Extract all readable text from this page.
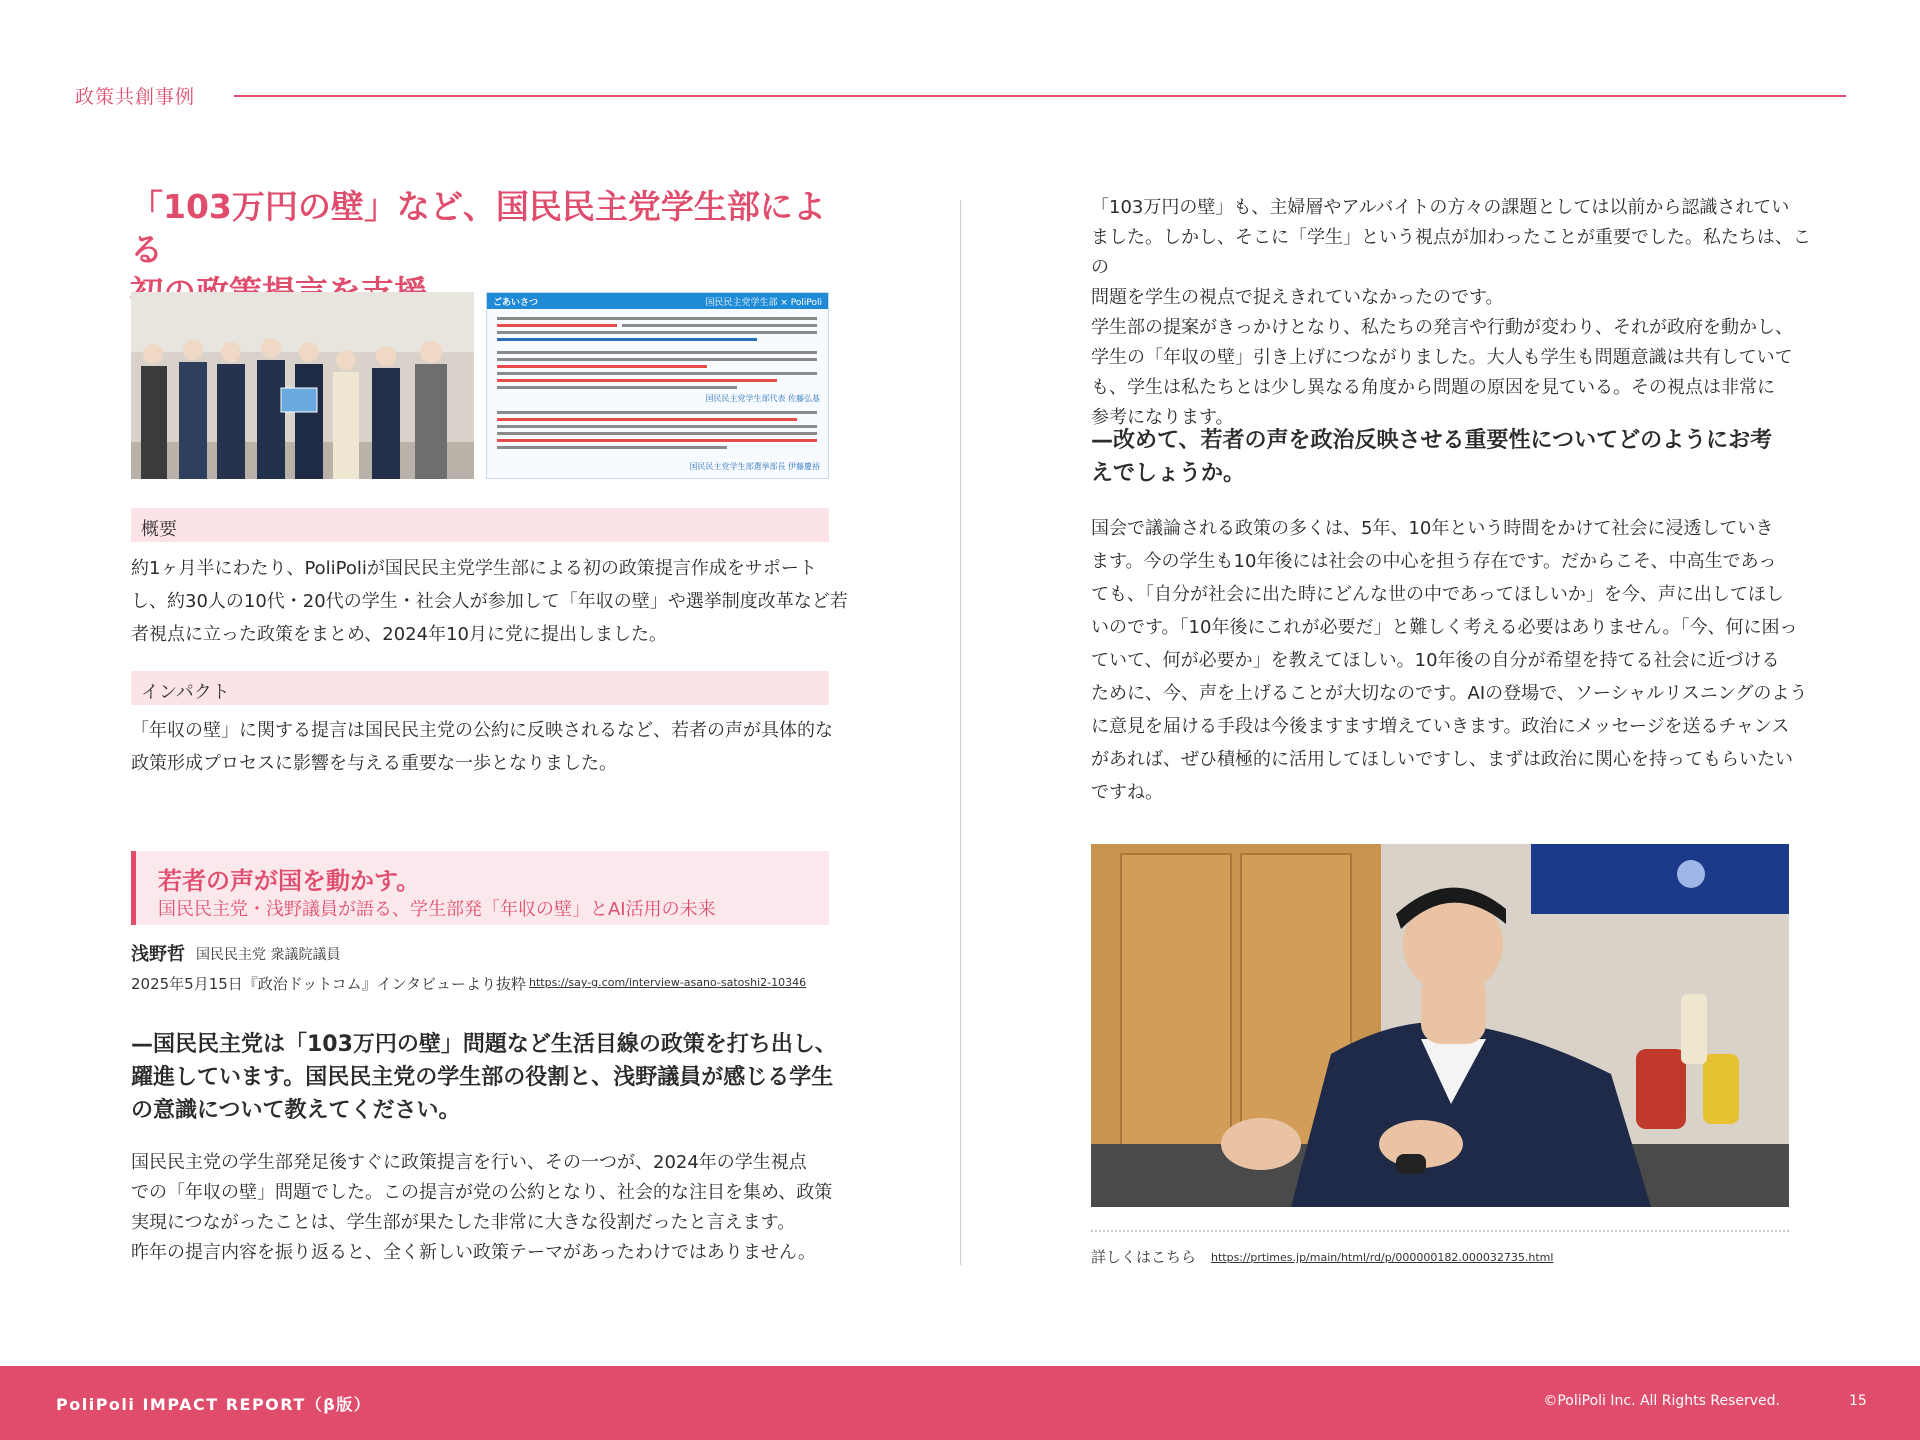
政策共創事例
「103万円の壁」など、国民民主党学生部による
ごあいさつ	国民民主党学生部 × PoliPoli
国民民主党学生部代表 佐藤弘基
国民民主党学生部選挙部長 伊藤慶裕
概要
約1ヶ月半にわたり、PoliPoliが国民民主党学生部による初の政策提言作成をサポート
し、約30人の10代・20代の学生・社会人が参加して「年収の壁」や選挙制度改革など若
者視点に立った政策をまとめ、2024年10月に党に提出しました。
インパクト
「年収の壁」に関する提言は国民民主党の公約に反映されるなど、若者の声が具体的な
政策形成プロセスに影響を与える重要な一歩となりました。
若者の声が国を動かす。
国民民主党・浅野議員が語る、学生部発「年収の壁」とAI活用の未来
浅野哲 国民民主党 衆議院議員
2025年5月15日『政治ドットコム』インタビューより抜粋 https://say-g.com/interview-asano-satoshi2-10346
—国民民主党は「103万円の壁」問題など生活目線の政策を打ち出し、
躍進しています。国民民主党の学生部の役割と、浅野議員が感じる学生
の意識について教えてください。
国民民主党の学生部発足後すぐに政策提言を行い、その一つが、2024年の学生視点
での「年収の壁」問題でした。この提言が党の公約となり、社会的な注目を集め、政策
実現につながったことは、学生部が果たした非常に大きな役割だったと言えます。
昨年の提言内容を振り返ると、全く新しい政策テーマがあったわけではありません。
「103万円の壁」も、主婦層やアルバイトの方々の課題としては以前から認識されてい
ました。しかし、そこに「学生」という視点が加わったことが重要でした。私たちは、この
問題を学生の視点で捉えきれていなかったのです。
学生部の提案がきっかけとなり、私たちの発言や行動が変わり、それが政府を動かし、
学生の「年収の壁」引き上げにつながりました。大人も学生も問題意識は共有していて
も、学生は私たちとは少し異なる角度から問題の原因を見ている。その視点は非常に
参考になります。
—改めて、若者の声を政治反映させる重要性についてどのようにお考
えでしょうか。
国会で議論される政策の多くは、5年、10年という時間をかけて社会に浸透していき
ます。今の学生も10年後には社会の中心を担う存在です。だからこそ、中高生であっ
ても、「自分が社会に出た時にどんな世の中であってほしいか」を今、声に出してほし
いのです。「10年後にこれが必要だ」と難しく考える必要はありません。「今、何に困っ
ていて、何が必要か」を教えてほしい。10年後の自分が希望を持てる社会に近づける
ために、今、声を上げることが大切なのです。AIの登場で、ソーシャルリスニングのよう
に意見を届ける手段は今後ますます増えていきます。政治にメッセージを送るチャンス
があれば、ぜひ積極的に活用してほしいですし、まずは政治に関心を持ってもらいたい
ですね。
詳しくはこちら https://prtimes.jp/main/html/rd/p/000000182.000032735.html
PoliPoli IMPACT REPORT（β版）	©PoliPoli Inc. All Rights Reserved.	15
